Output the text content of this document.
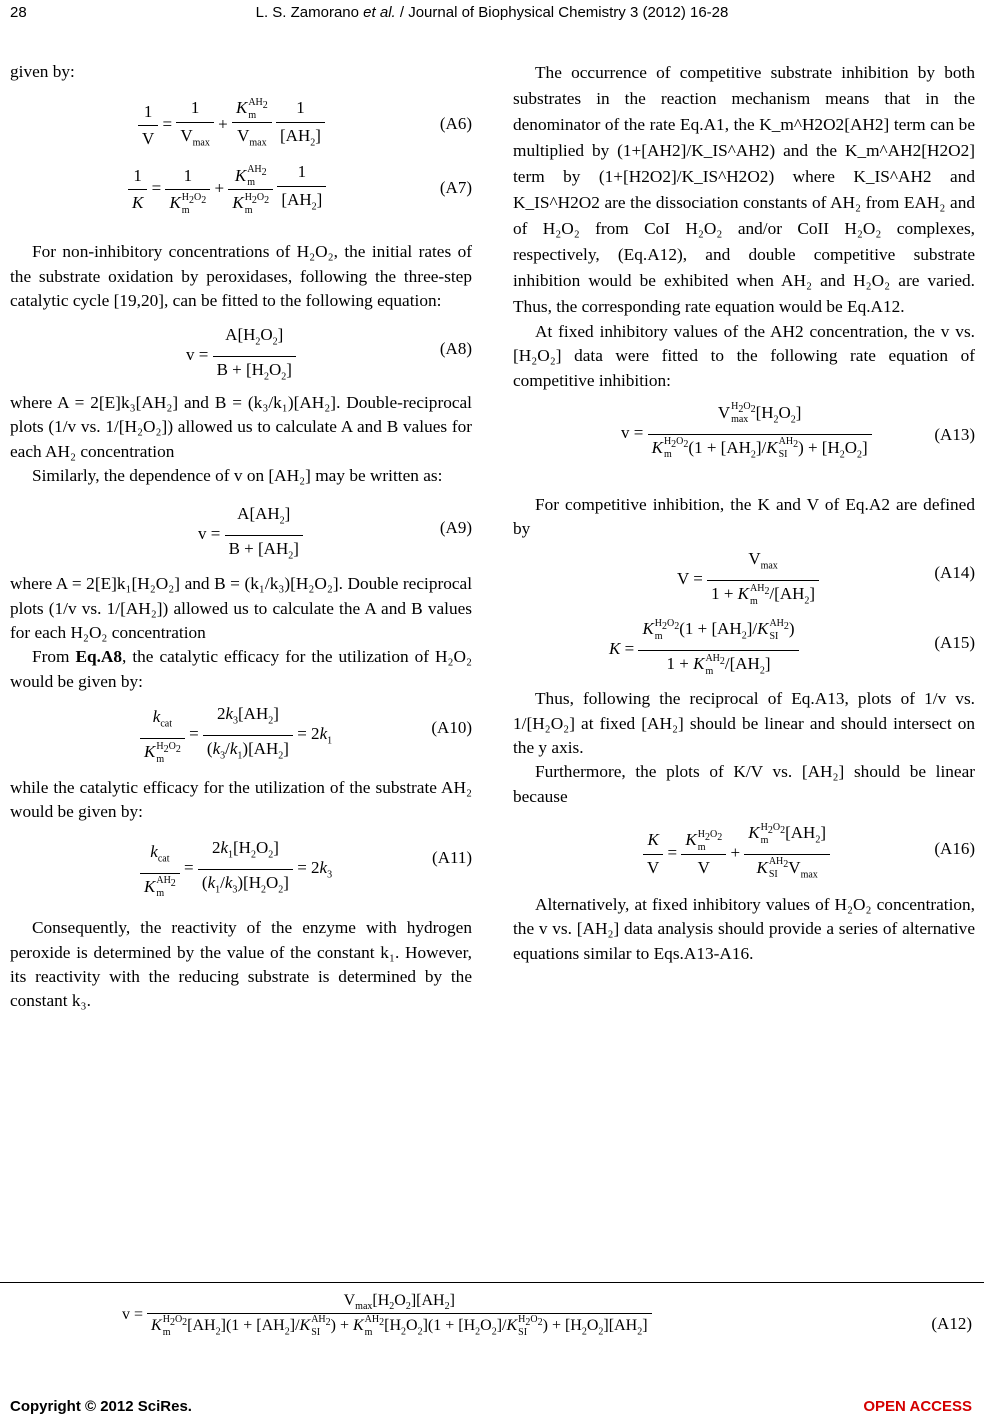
28	L. S. Zamorano et al. / Journal of Biophysical Chemistry 3 (2012) 16-28

given by:

$\frac{1}{V} = \frac{1}{V_{max}}$ +
$KAH_2$
m
$V_{max}$
$\frac{1}{[AH_2]}$	(A6)
$\frac{1}{K}$ =
1
$KH_2O_2$
m
+
$KAH_2$
m
$KH_2O_2$
m
	$\frac{1}{[AH_2]}$	(A7)

For non-inhibitory concentrations of H₂O₂, the initial rates of the substrate oxidation by peroxidases, following the three-step catalytic cycle [19,20], can be fitted to the following equation:

$v = \frac{A[H_2O_2]}{B + [H_2O_2]}$	(A8)

where A = 2[E]k₃[AH₂] and B = (k₃/k₁)[AH₂]. Double-reciprocal plots (1/v vs. 1/[H₂O₂]) allowed us to calculate A and B values for each AH₂ concentration

Similarly, the dependence of v on [AH₂] may be written as:

$v = \frac{A[AH_2]}{B + [AH_2]}$	(A9)

where A = 2[E]k₁[H₂O₂] and B = (k₁/k₃)[H₂O₂]. Double reciprocal plots (1/v vs. 1/[AH₂]) allowed us to calculate the A and B values for each H₂O₂ concentration

From Eq.A8, the catalytic efficacy for the utilization of H₂O₂ would be given by:

$k_{cat}$
$KH_2O_2$
m
= $\frac{2k_3[AH_2]}{(k_3/k_1)[AH_2]} = 2k_1$
(A10)

while the catalytic efficacy for the utilization of the substrate AH₂ would be given by:

$k_{cat}$
$KAH_2$
m
= $\frac{2k_1[H_2O_2]}{(k_1/k_3)[H_2O_2]} = 2k_3$
(A11)

Consequently, the reactivity of the enzyme with hydrogen peroxide is determined by the value of the constant k₁. However, its reactivity with the reducing substrate is determined by the constant k₃.

The occurrence of competitive substrate inhibition by both substrates in the reaction mechanism means that in the denominator of the rate Eq.A1, the K_m^H2O2[AH2] term can be multiplied by (1+[AH2]/K_IS^AH2) and the K_m^AH2[H2O2] term by (1+[H2O2]/K_IS^H2O2) where K_IS^AH2 and K_IS^H2O2 are the dissociation constants of AH₂ from EAH₂ and of H₂O₂ from CoI H₂O₂ and/or CoII H₂O₂ complexes, respectively, (Eq.A12), and double competitive substrate inhibition would be exhibited when AH₂ and H₂O₂ are varied. Thus, the corresponding rate equation would be Eq.A12.

At fixed inhibitory values of the AH2 concentration, the v vs. [H₂O₂] data were fitted to the following rate equation of competitive inhibition:

v =
$VH_2O_2$
$\max [H_2O_2]$
$KH_2O_2$
m ($1 + [AH_2]/KAH_2$
SI ) + $[H_2O_2]$
(A13)

For competitive inhibition, the K and V of Eq.A2 are defined by

V =
$V_{max}$
$1 + KAH_2$
m $/[AH_2]$
(A14)
K =
$KH_2O_2$
m ($1 + [AH_2]/KAH_2$
SI )
$1 + KAH_2$
m $/[AH_2]$
(A15)

Thus, following the reciprocal of Eq.A13, plots of 1/v vs. 1/[H₂O₂] at fixed [AH₂] should be linear and should intersect on the y axis.

Furthermore, the plots of K/V vs. [AH₂] should be linear because

$\frac{K}{V}$ =
$KH_2O_2$
m
V
+
$KH_2O_2$
m $[AH_2]$
$KAH_2$
SI $V_{max}$
(A16)

Alternatively, at fixed inhibitory values of H₂O₂ concentration, the v vs. [AH₂] data analysis should provide a series of alternative equations similar to Eqs.A13-A16.

v =
$V_{max}[H_2O_2][AH_2]$
$KH_2O_2$
m $[AH_2](1 + [AH_2]/KAH_2$
SI ) + $KAH_2$
m $[H_2O_2](1 + [H_2O_2]/KH_2O_2$
SI ) + $[H_2O_2][AH_2]$	(A12)
Copyright © 2012 SciRes.	OPEN ACCESS
